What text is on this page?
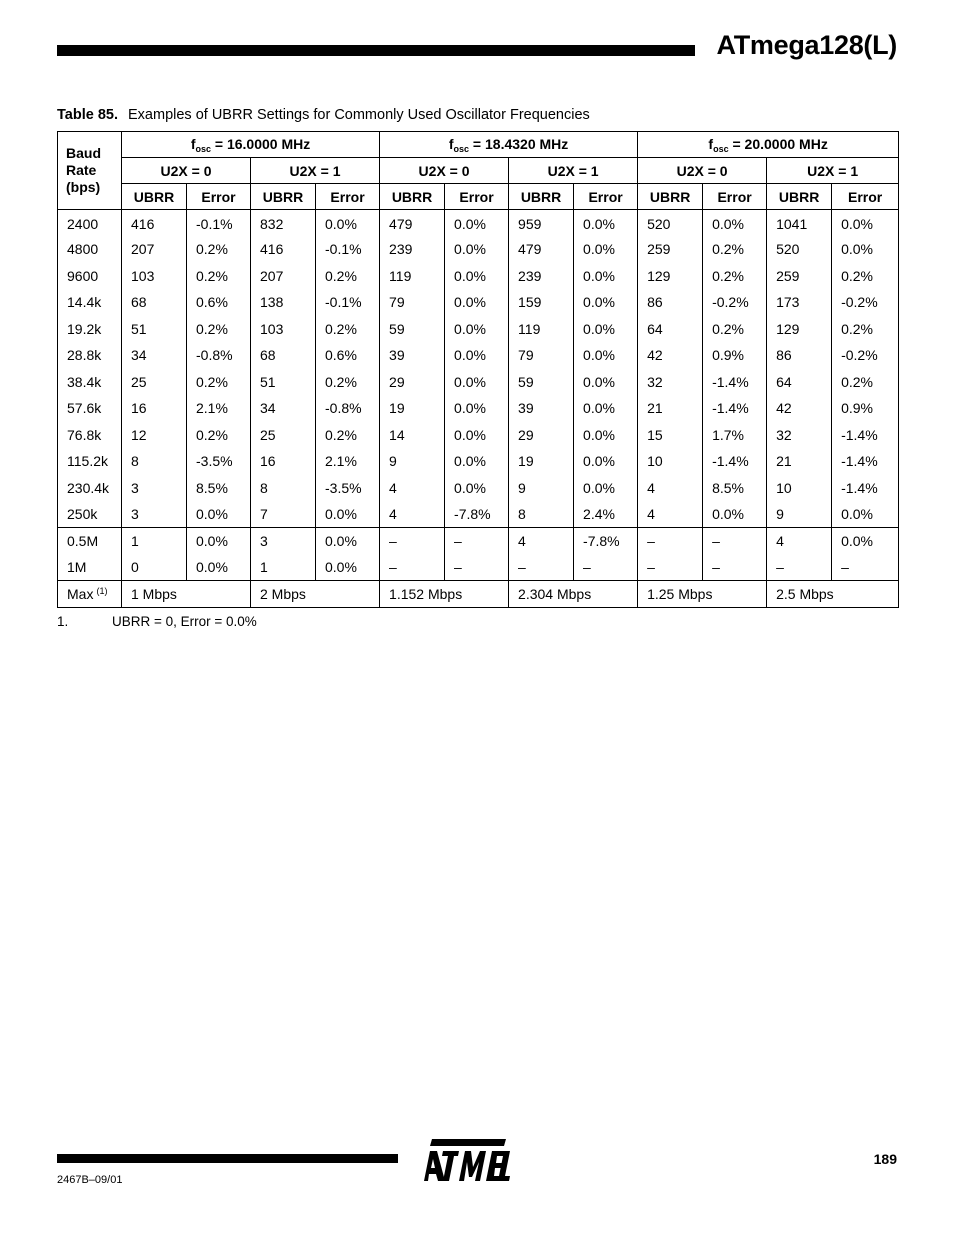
ATmega128(L)
Table 85. Examples of UBRR Settings for Commonly Used Oscillator Frequencies
Baud
Rate
(bps)	$f_{osc} = 16.0000$ MHz				$f_{osc} = 18.4320$ MHz				$f_{osc} = 20.0000$ MHz			
	U2X = 0		U2X = 1		U2X = 0		U2X = 1		U2X = 0		U2X = 1	
	UBRR	Error	UBRR	Error	UBRR	Error	UBRR	Error	UBRR	Error	UBRR	Error
2400	416	-0.1%	832	0.0%	479	0.0%	959	0.0%	520	0.0%	1041	0.0%
4800	207	0.2%	416	-0.1%	239	0.0%	479	0.0%	259	0.2%	520	0.0%
9600	103	0.2%	207	0.2%	119	0.0%	239	0.0%	129	0.2%	259	0.2%
14.4k	68	0.6%	138	-0.1%	79	0.0%	159	0.0%	86	-0.2%	173	-0.2%
19.2k	51	0.2%	103	0.2%	59	0.0%	119	0.0%	64	0.2%	129	0.2%
28.8k	34	-0.8%	68	0.6%	39	0.0%	79	0.0%	42	0.9%	86	-0.2%
38.4k	25	0.2%	51	0.2%	29	0.0%	59	0.0%	32	-1.4%	64	0.2%
57.6k	16	2.1%	34	-0.8%	19	0.0%	39	0.0%	21	-1.4%	42	0.9%
76.8k	12	0.2%	25	0.2%	14	0.0%	29	0.0%	15	1.7%	32	-1.4%
115.2k	8	-3.5%	16	2.1%	9	0.0%	19	0.0%	10	-1.4%	21	-1.4%
230.4k	3	8.5%	8	-3.5%	4	0.0%	9	0.0%	4	8.5%	10	-1.4%
250k	3	0.0%	7	0.0%	4	-7.8%	8	2.4%	4	0.0%	9	0.0%
0.5M	1	0.0%	3	0.0%	–	–	4	-7.8%	–	–	4	0.0%
1M	0	0.0%	1	0.0%	–	–	–	–	–	–	–	–
Max $^{(1)}$	1 Mbps		2 Mbps		1.152 Mbps		2.304 Mbps		1.25 Mbps		2.5 Mbps	
1.	UBRR = 0, Error = 0.0%
189
2467B–09/01
